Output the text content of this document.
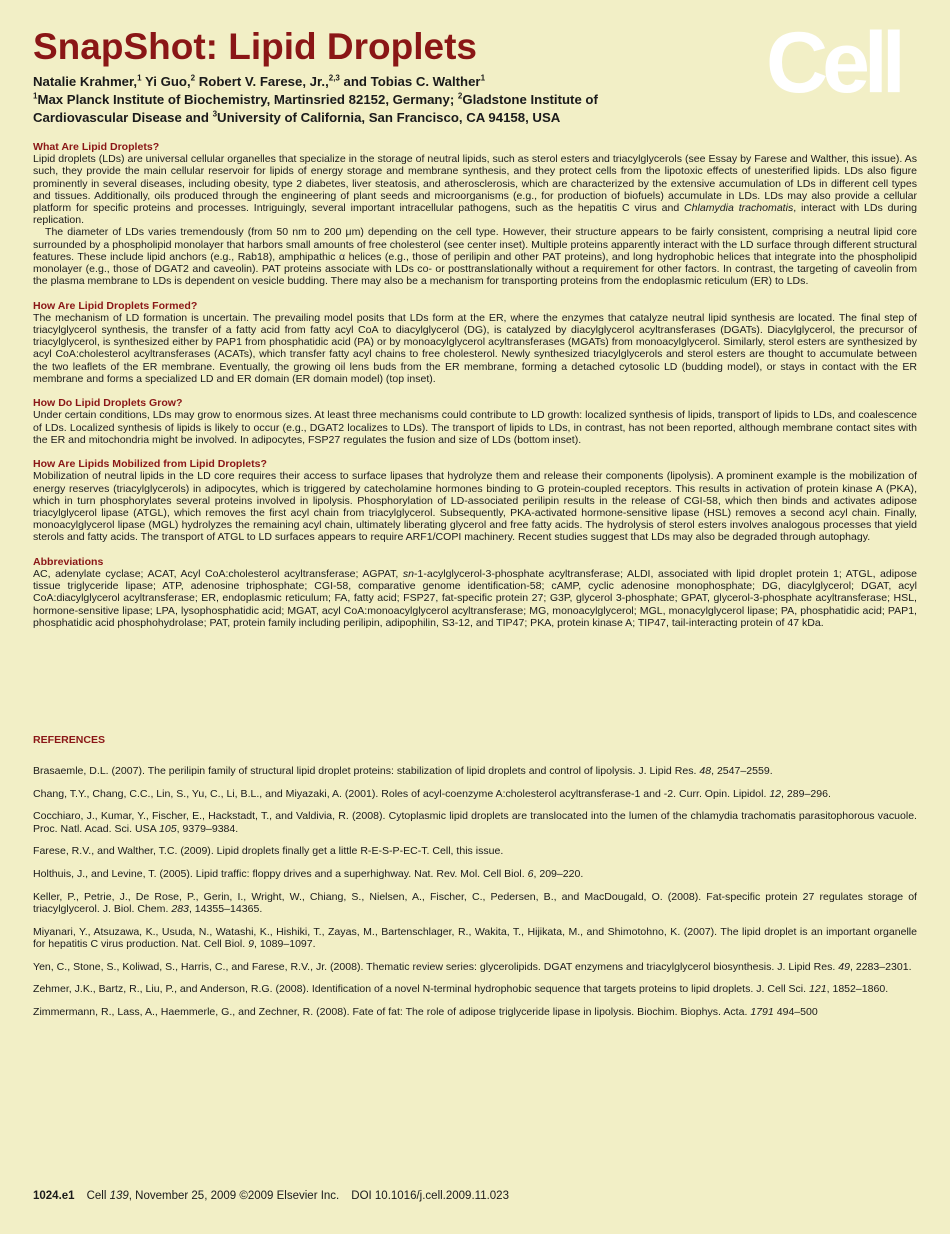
SnapShot: Lipid Droplets	Cell
Natalie Krahmer,$^1$ Yi Guo,$^2$ Robert V. Farese, Jr.,$^{2,3}$ and Tobias C. Walther$^1$
$^1$Max Planck Institute of Biochemistry, Martinsried 82152, Germany; $^2$Gladstone Institute of
Cardiovascular Disease and $^3$University of California, San Francisco, CA 94158, USA

What Are Lipid Droplets?

Lipid droplets (LDs) are universal cellular organelles that specialize in the storage of neutral lipids, such as sterol esters and triacylglycerols (see Essay by Farese and Walther, this issue). As such, they provide the main cellular reservoir for lipids of energy storage and membrane synthesis, and they protect cells from the lipotoxic effects of unesterified lipids. LDs also figure prominently in several diseases, including obesity, type 2 diabetes, liver steatosis, and atherosclerosis, which are characterized by the extensive accumulation of LDs in different cell types and tissues. Additionally, oils produced through the engineering of plant seeds and microorganisms (e.g., for production of biofuels) accumulate in LDs. LDs may also provide a cellular platform for specific proteins and processes. Intriguingly, several important intracellular pathogens, such as the hepatitis C virus and Chlamydia trachomatis, interact with LDs during replication.

The diameter of LDs varies tremendously (from 50 nm to 200 μm) depending on the cell type. However, their structure appears to be fairly consistent, comprising a neutral lipid core surrounded by a phospholipid monolayer that harbors small amounts of free cholesterol (see center inset). Multiple proteins apparently interact with the LD surface through different structural features. These include lipid anchors (e.g., Rab18), amphipathic α helices (e.g., those of perilipin and other PAT proteins), and long hydrophobic helices that integrate into the phospholipid monolayer (e.g., those of DGAT2 and caveolin). PAT proteins associate with LDs co- or posttranslationally without a requirement for other factors. In contrast, the targeting of caveolin from the plasma membrane to LDs is dependent on vesicle budding. There may also be a mechanism for transporting proteins from the endoplasmic reticulum (ER) to LDs.

How Are Lipid Droplets Formed?

The mechanism of LD formation is uncertain. The prevailing model posits that LDs form at the ER, where the enzymes that catalyze neutral lipid synthesis are located. The final step of triacylglycerol synthesis, the transfer of a fatty acid from fatty acyl CoA to diacylglycerol (DG), is catalyzed by diacylglycerol acyltransferases (DGATs). Diacylglycerol, the precursor of triacylglycerol, is synthesized either by PAP1 from phosphatidic acid (PA) or by monoacylglycerol acyltransferases (MGATs) from monoacylglycerol. Similarly, sterol esters are synthesized by acyl CoA:cholesterol acyltransferases (ACATs), which transfer fatty acyl chains to free cholesterol. Newly synthesized triacylglycerols and sterol esters are thought to accumulate between the two leaflets of the ER membrane. Eventually, the growing oil lens buds from the ER membrane, forming a detached cytosolic LD (budding model), or stays in contact with the ER membrane and forms a specialized LD and ER domain (ER domain model) (top inset).

How Do Lipid Droplets Grow?

Under certain conditions, LDs may grow to enormous sizes. At least three mechanisms could contribute to LD growth: localized synthesis of lipids, transport of lipids to LDs, and coalescence of LDs. Localized synthesis of lipids is likely to occur (e.g., DGAT2 localizes to LDs). The transport of lipids to LDs, in contrast, has not been reported, although membrane contact sites with the ER and mitochondria might be involved. In adipocytes, FSP27 regulates the fusion and size of LDs (bottom inset).

How Are Lipids Mobilized from Lipid Droplets?

Mobilization of neutral lipids in the LD core requires their access to surface lipases that hydrolyze them and release their components (lipolysis). A prominent example is the mobilization of energy reserves (triacylglycerols) in adipocytes, which is triggered by catecholamine hormones binding to G protein-coupled receptors. This results in activation of protein kinase A (PKA), which in turn phosphorylates several proteins involved in lipolysis. Phosphorylation of LD-associated perilipin results in the release of CGI-58, which then binds and activates adipose triacylglycerol lipase (ATGL), which removes the first acyl chain from triacylglycerol. Subsequently, PKA-activated hormone-sensitive lipase (HSL) removes a second acyl chain. Finally, monoacylglycerol lipase (MGL) hydrolyzes the remaining acyl chain, ultimately liberating glycerol and free fatty acids. The hydrolysis of sterol esters involves analogous processes that yield sterols and fatty acids. The transport of ATGL to LD surfaces appears to require ARF1/COPI machinery. Recent studies suggest that LDs may also be degraded through autophagy.

Abbreviations

AC, adenylate cyclase; ACAT, Acyl CoA:cholesterol acyltransferase; AGPAT, sn-1-acylglycerol-3-phosphate acyltransferase; ALDI, associated with lipid droplet protein 1; ATGL, adipose tissue triglyceride lipase; ATP, adenosine triphosphate; CGI-58, comparative genome identification-58; cAMP, cyclic adenosine monophosphate; DG, diacylglycerol; DGAT, acyl CoA:diacylglycerol acyltransferase; ER, endoplasmic reticulum; FA, fatty acid; FSP27, fat-specific protein 27; G3P, glycerol 3-phosphate; GPAT, glycerol-3-phosphate acyltransferase; HSL, hormone-sensitive lipase; LPA, lysophosphatidic acid; MGAT, acyl CoA:monoacylglycerol acyltransferase; MG, monoacylglycerol; MGL, monacylglycerol lipase; PA, phosphatidic acid; PAP1, phosphatidic acid phosphohydrolase; PAT, protein family including perilipin, adipophilin, S3-12, and TIP47; PKA, protein kinase A; TIP47, tail-interacting protein of 47 kDa.

REFERENCES

Brasaemle, D.L. (2007). The perilipin family of structural lipid droplet proteins: stabilization of lipid droplets and control of lipolysis. J. Lipid Res. 48, 2547–2559.

Chang, T.Y., Chang, C.C., Lin, S., Yu, C., Li, B.L., and Miyazaki, A. (2001). Roles of acyl-coenzyme A:cholesterol acyltransferase-1 and -2. Curr. Opin. Lipidol. 12, 289–296.

Cocchiaro, J., Kumar, Y., Fischer, E., Hackstadt, T., and Valdivia, R. (2008). Cytoplasmic lipid droplets are translocated into the lumen of the chlamydia trachomatis parasitophorous vacuole. Proc. Natl. Acad. Sci. USA 105, 9379–9384.

Farese, R.V., and Walther, T.C. (2009). Lipid droplets finally get a little R-E-S-P-EC-T. Cell, this issue.

Holthuis, J., and Levine, T. (2005). Lipid traffic: floppy drives and a superhighway. Nat. Rev. Mol. Cell Biol. 6, 209–220.

Keller, P., Petrie, J., De Rose, P., Gerin, I., Wright, W., Chiang, S., Nielsen, A., Fischer, C., Pedersen, B., and MacDougald, O. (2008). Fat-specific protein 27 regulates storage of triacylglycerol. J. Biol. Chem. 283, 14355–14365.

Miyanari, Y., Atsuzawa, K., Usuda, N., Watashi, K., Hishiki, T., Zayas, M., Bartenschlager, R., Wakita, T., Hijikata, M., and Shimotohno, K. (2007). The lipid droplet is an important organelle for hepatitis C virus production. Nat. Cell Biol. 9, 1089–1097.

Yen, C., Stone, S., Koliwad, S., Harris, C., and Farese, R.V., Jr. (2008). Thematic review series: glycerolipids. DGAT enzymens and triacylglycerol biosynthesis. J. Lipid Res. 49, 2283–2301.

Zehmer, J.K., Bartz, R., Liu, P., and Anderson, R.G. (2008). Identification of a novel N-terminal hydrophobic sequence that targets proteins to lipid droplets. J. Cell Sci. 121, 1852–1860.

Zimmermann, R., Lass, A., Haemmerle, G., and Zechner, R. (2008). Fate of fat: The role of adipose triglyceride lipase in lipolysis. Biochim. Biophys. Acta. 1791 494–500

1024.e1 Cell 139, November 25, 2009 ©2009 Elsevier Inc. DOI 10.1016/j.cell.2009.11.023
